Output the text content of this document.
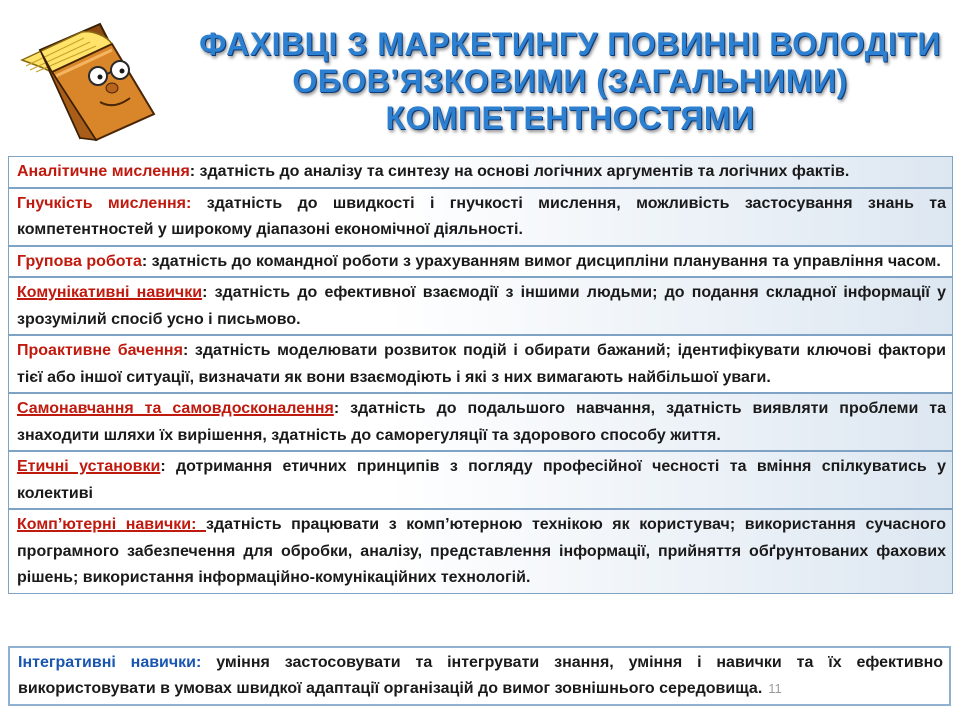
ФАХІВЦІ З МАРКЕТИНГУ ПОВИННІ ВОЛОДІТИ
ОБОВ’ЯЗКОВИМИ (ЗАГАЛЬНИМИ)
КОМПЕТЕНТНОСТЯМИ
Аналітичне мислення: здатність до аналізу та синтезу на основі логічних аргументів та логічних фактів.
Гнучкість мислення: здатність до швидкості і гнучкості мислення, можливість застосування знань та компетентностей у широкому діапазоні економічної діяльності.
Групова робота: здатність до командної роботи з урахуванням вимог дисципліни планування та управління часом.
Комунікативні навички: здатність до ефективної взаємодії з іншими людьми; до подання складної інформації у зрозумілий спосіб усно і письмово.
Проактивне бачення: здатність моделювати розвиток подій і обирати бажаний; ідентифікувати ключові фактори тієї або іншої ситуації, визначати як вони взаємодіють і які з них вимагають найбільшої уваги.
Самонавчання та самовдосконалення: здатність до подальшого навчання, здатність виявляти проблеми та знаходити шляхи їх вирішення, здатність до саморегуляції та здорового способу життя.
Етичні установки: дотримання етичних принципів з погляду професійної чесності та вміння спілкуватись у колективі
Комп’ютерні навички: здатність працювати з комп’ютерною технікою як користувач; використання сучасного програмного забезпечення для обробки, аналізу, представлення інформації, прийняття обґрунтованих фахових рішень; використання інформаційно-комунікаційних технологій.
Інтегративні навички: уміння застосовувати та інтегрувати знання, уміння і навички та їх ефективно використовувати в умовах швидкої адаптації організацій до вимог зовнішнього середовища. 11
